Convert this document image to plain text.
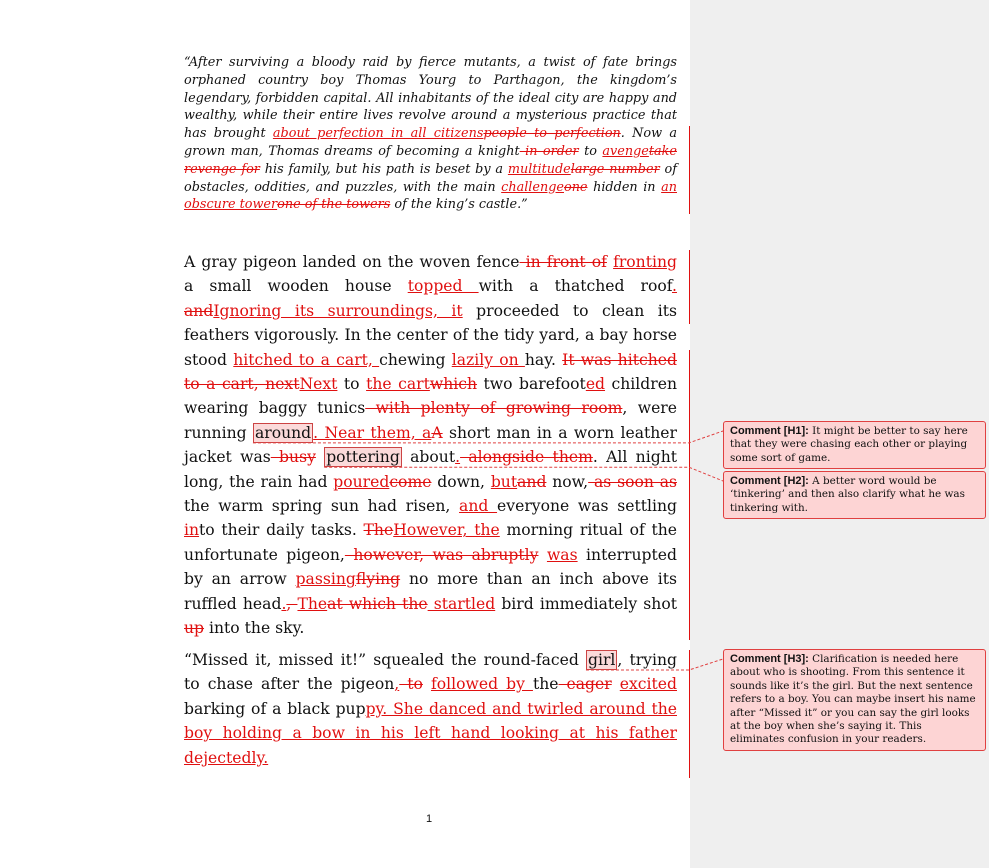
“After surviving a bloody raid by fierce mutants, a twist of fate brings orphaned country boy Thomas Yourg to Parthagon, the kingdom’s legendary, forbidden capital. All inhabitants of the ideal city are happy and wealthy, while their entire lives revolve around a mysterious practice that has brought about perfection in all citizenspeople to perfection. Now a grown man, Thomas dreams of becoming a knight in order to avengetake revenge for his family, but his path is beset by a multitudelarge number of obstacles, oddities, and puzzles, with the main challengeone hidden in an obscure towerone of the towers of the king’s castle.”
A gray pigeon landed on the woven fence in front of fronting a small wooden house topped with a thatched roof. andIgnoring its surroundings, it proceeded to clean its feathers vigorously. In the center of the tidy yard, a bay horse stood hitched to a cart, chewing lazily on hay. It was hitched to a cart, nextNext to the cartwhich two barefooted children wearing baggy tunics with plenty of growing room, were running around . Near them, aA short man in a worn leather jacket was busy pottering about. alongside them. All night long, the rain had pouredcome down, butand now, as soon as the warm spring sun had risen, and everyone was settling into their daily tasks. TheHowever, the morning ritual of the unfortunate pigeon, however, was abruptly was interrupted by an arrow passingflying no more than an inch above its ruffled head., Theat which the startled bird immediately shot up into the sky.
“Missed it, missed it!” squealed the round-faced girl , trying to chase after the pigeon, to followed by the eager excited barking of a black puppy. She danced and twirled around the boy holding a bow in his left hand looking at his father dejectedly.
1
Comment [H1]: It might be better to say here that they were chasing each other or playing some sort of game.
Comment [H2]: A better word would be ‘tinkering’ and then also clarify what he was tinkering with.
Comment [H3]: Clarification is needed here about who is shooting. From this sentence it sounds like it’s the girl. But the next sentence refers to a boy. You can maybe insert his name after “Missed it” or you can say the girl looks at the boy when she’s saying it. This eliminates confusion in your readers.
